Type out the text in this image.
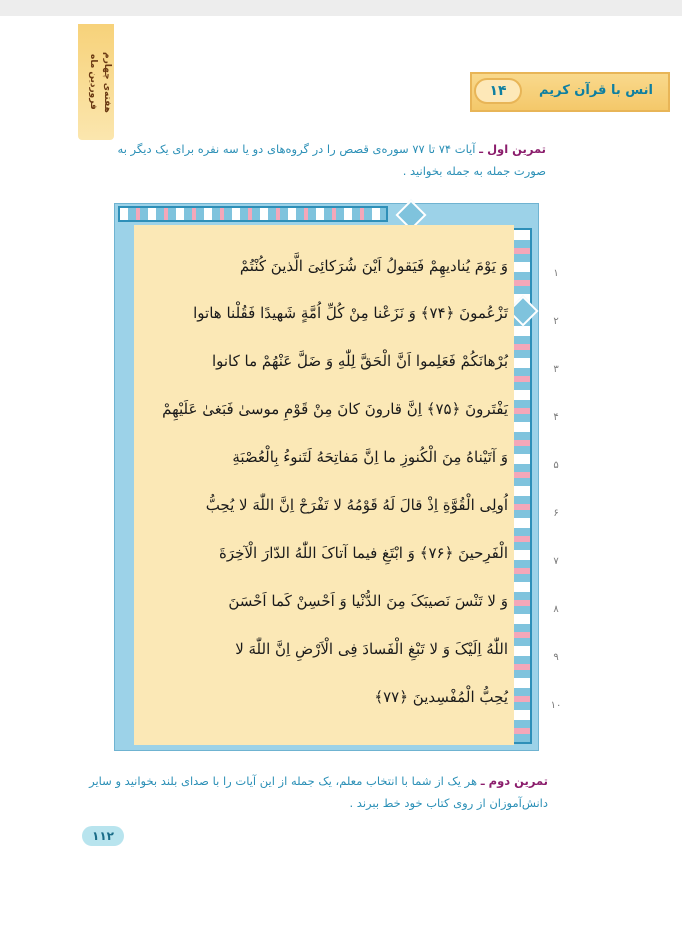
هفته‌ی چهارم
فروردین ماه	۱۴	انس با قرآن کریم
تمرین اول ـ آیات ۷۴ تا ۷۷ سوره‌ی قصص را در گروه‌های دو یا سه نفره برای یک دیگر به صورت جمله به جمله بخوانید .
وَ یَوْمَ یُنادیهِمْ فَیَقولُ اَیْنَ شُرَکائِیَ الَّذینَ کُنْتُمْ
تَزْعُمونَ ﴿۷۴﴾ وَ نَزَعْنا مِنْ کُلِّ اُمَّةٍ شَهیدًا فَقُلْنا هاتوا
بُرْهانَکُمْ فَعَلِموا اَنَّ الْحَقَّ لِلّٰهِ وَ ضَلَّ عَنْهُمْ ما کانوا
یَفْتَرونَ ﴿۷۵﴾ اِنَّ قارونَ کانَ مِنْ قَوْمِ موسیٰ فَبَغیٰ عَلَیْهِمْ
وَ آتَیْناهُ مِنَ الْکُنوزِ ما اِنَّ مَفاتِحَهُ لَتَنوءُ بِالْعُصْبَةِ
اُولِی الْقُوَّةِ اِذْ قالَ لَهُ قَوْمُهُ لا تَفْرَحْ اِنَّ اللّٰهَ لا یُحِبُّ
الْفَرِحینَ ﴿۷۶﴾ وَ ابْتَغِ فیما آتاکَ اللّٰهُ الدّارَ الْآخِرَةَ
وَ لا تَنْسَ نَصیبَکَ مِنَ الدُّنْیا وَ اَحْسِنْ کَما اَحْسَنَ
اللّٰهُ اِلَیْکَ وَ لا تَبْغِ الْفَسادَ فِی الْاَرْضِ اِنَّ اللّٰهَ لا
یُحِبُّ الْمُفْسِدینَ ﴿۷۷﴾
۱
۲
۳
۴
۵
۶
۷
۸
۹
۱۰
تمرین دوم ـ هر یک از شما با انتخاب معلم، یک جمله از این آیات را با صدای بلند بخوانید و سایر دانش‌آموزان از روی کتاب خود خط ببرند .
۱۱۲
